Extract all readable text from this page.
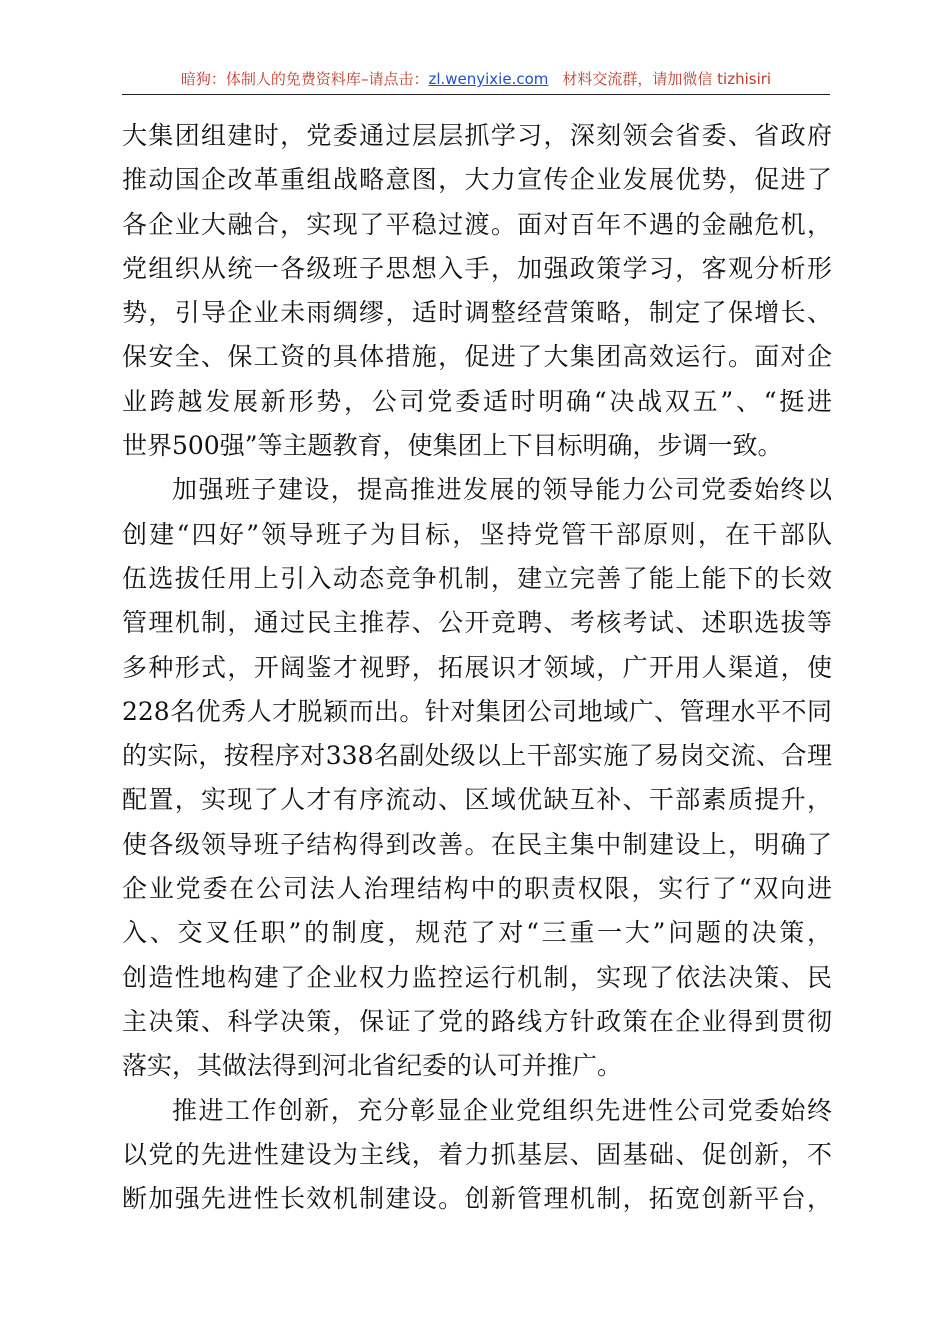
暗狗：体制人的免费资料库–请点击：zl.wenyixie.com 材料交流群，请加微信 tizhisiri
大集团组建时，党委通过层层抓学习，深刻领会省委、省政府
推动国企改革重组战略意图，大力宣传企业发展优势，促进了
各企业大融合，实现了平稳过渡。面对百年不遇的金融危机，
党组织从统一各级班子思想入手，加强政策学习，客观分析形
势，引导企业未雨绸缪，适时调整经营策略，制定了保增长、
保安全、保工资的具体措施，促进了大集团高效运行。面对企
业跨越发展新形势，公司党委适时明确“决战双五”、“挺进
世界500强”等主题教育，使集团上下目标明确，步调一致。
加强班子建设，提高推进发展的领导能力公司党委始终以
创建“四好”领导班子为目标，坚持党管干部原则，在干部队
伍选拔任用上引入动态竞争机制，建立完善了能上能下的长效
管理机制，通过民主推荐、公开竞聘、考核考试、述职选拔等
多种形式，开阔鉴才视野，拓展识才领域，广开用人渠道，使
228名优秀人才脱颖而出。针对集团公司地域广、管理水平不同
的实际，按程序对338名副处级以上干部实施了易岗交流、合理
配置，实现了人才有序流动、区域优缺互补、干部素质提升，
使各级领导班子结构得到改善。在民主集中制建设上，明确了
企业党委在公司法人治理结构中的职责权限，实行了“双向进
入、交叉任职”的制度，规范了对“三重一大”问题的决策，
创造性地构建了企业权力监控运行机制，实现了依法决策、民
主决策、科学决策，保证了党的路线方针政策在企业得到贯彻
落实，其做法得到河北省纪委的认可并推广。
推进工作创新，充分彰显企业党组织先进性公司党委始终
以党的先进性建设为主线，着力抓基层、固基础、促创新，不
断加强先进性长效机制建设。创新管理机制，拓宽创新平台，
